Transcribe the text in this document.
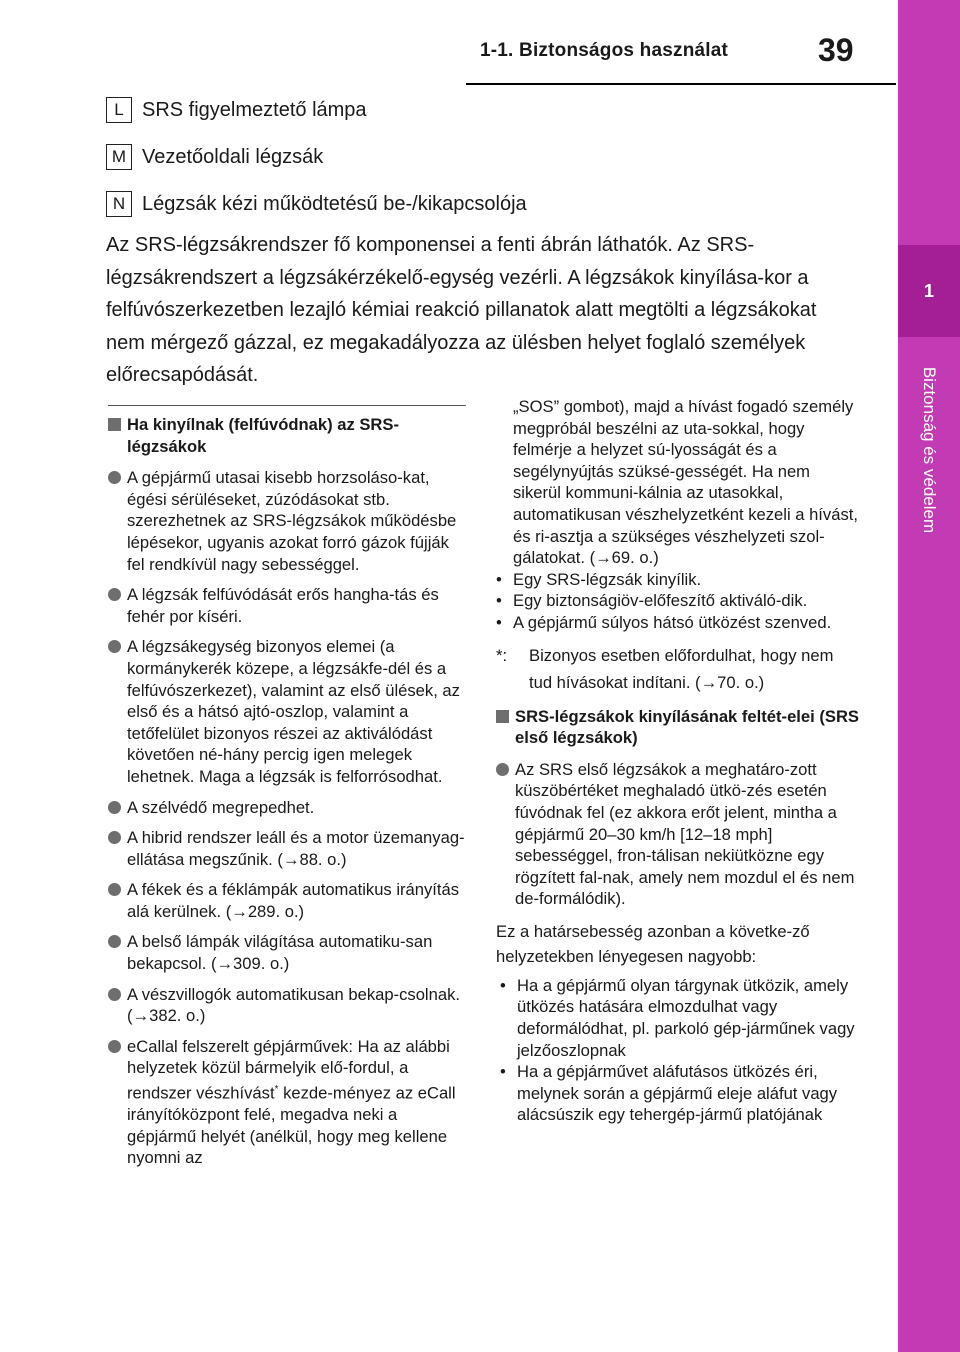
1-1. Biztonságos használat	39
1
Biztonság és védelem
L SRS figyelmeztető lámpa
M Vezetőoldali légzsák
N Légzsák kézi működtetésű be-/kikapcsolója
Az SRS-légzsákrendszer fő komponensei a fenti ábrán láthatók. Az SRS-légzsákrendszert a légzsákérzékelő-egység vezérli. A légzsákok kinyílása-kor a felfúvószerkezetben lezajló kémiai reakció pillanatok alatt megtölti a légzsákokat nem mérgező gázzal, ez megakadályozza az ülésben helyet foglaló személyek előrecsapódását.
Ha kinyílnak (felfúvódnak) az SRS-légzsákok
A gépjármű utasai kisebb horzsoláso-kat, égési sérüléseket, zúzódásokat stb. szerezhetnek az SRS-légzsákok működésbe lépésekor, ugyanis azokat forró gázok fújják fel rendkívül nagy sebességgel.
A légzsák felfúvódását erős hangha-tás és fehér por kíséri.
A légzsákegység bizonyos elemei (a kormánykerék közepe, a légzsákfe-dél és a felfúvószerkezet), valamint az első ülések, az első és a hátsó ajtó-oszlop, valamint a tetőfelület bizonyos részei az aktiválódást követően né-hány percig igen melegek lehetnek. Maga a légzsák is felforrósodhat.
A szélvédő megrepedhet.
A hibrid rendszer leáll és a motor üzemanyag-ellátása megszűnik. (→88. o.)
A fékek és a féklámpák automatikus irányítás alá kerülnek. (→289. o.)
A belső lámpák világítása automatiku-san bekapcsol. (→309. o.)
A vészvillogók automatikusan bekap-csolnak. (→382. o.)
eCallal felszerelt gépjárművek: Ha az alábbi helyzetek közül bármelyik elő-fordul, a rendszer vészhívást* kezde-ményez az eCall irányítóközpont felé, megadva neki a gépjármű helyét (anélkül, hogy meg kellene nyomni az
„SOS” gombot), majd a hívást fogadó személy megpróbál beszélni az uta-sokkal, hogy felmérje a helyzet sú-lyosságát és a segélynyújtás szüksé-gességét. Ha nem sikerül kommuni-kálnia az utasokkal, automatikusan vészhelyzetként kezeli a hívást, és ri-asztja a szükséges vészhelyzeti szol-gálatokat. (→69. o.)
• Egy SRS-légzsák kinyílik.
• Egy biztonságiöv-előfeszítő aktiváló-dik.
• A gépjármű súlyos hátsó ütközést szenved.
*:	Bizonyos esetben előfordulhat, hogy nem tud hívásokat indítani. (→70. o.)
SRS-légzsákok kinyílásának feltét-elei (SRS első légzsákok)
Az SRS első légzsákok a meghatáro-zott küszöbértéket meghaladó ütkö-zés esetén fúvódnak fel (ez akkora erőt jelent, mintha a gépjármű 20–30 km/h [12–18 mph] sebességgel, fron-tálisan nekiütközne egy rögzített fal-nak, amely nem mozdul el és nem de-formálódik).
Ez a határsebesség azonban a követke-ző helyzetekben lényegesen nagyobb:
• Ha a gépjármű olyan tárgynak ütközik, amely ütközés hatására elmozdulhat vagy deformálódhat, pl. parkoló gép-járműnek vagy jelzőoszlopnak
• Ha a gépjárművet aláfutásos ütközés éri, melynek során a gépjármű eleje aláfut vagy alácsúszik egy tehergép-jármű platójának
